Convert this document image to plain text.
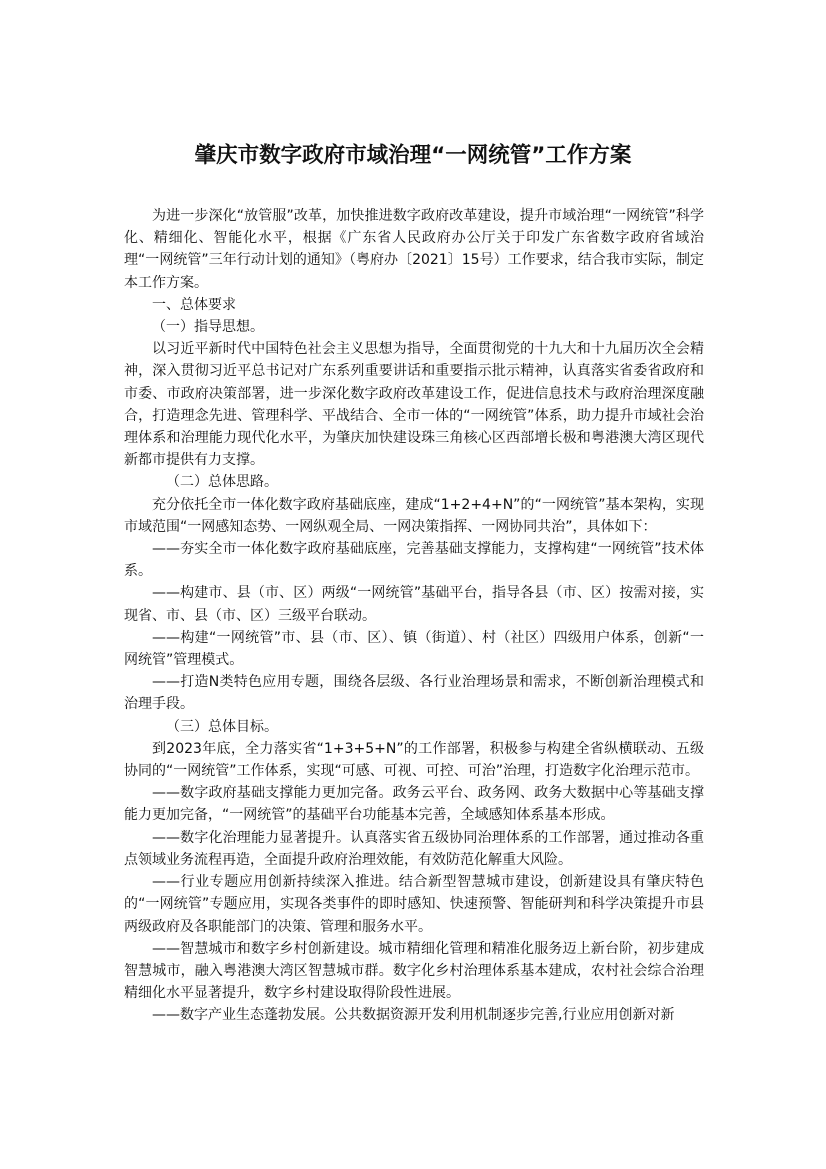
肇庆市数字政府市域治理“一网统管”工作方案

为进一步深化“放管服”改革，加快推进数字政府改革建设，提升市域治理“一网统管”科学化、精细化、智能化水平，根据《广东省人民政府办公厅关于印发广东省数字政府省域治理“一网统管”三年行动计划的通知》（粤府办〔2021〕15号）工作要求，结合我市实际，制定本工作方案。

一、总体要求

（一）指导思想。

以习近平新时代中国特色社会主义思想为指导，全面贯彻党的十九大和十九届历次全会精神，深入贯彻习近平总书记对广东系列重要讲话和重要指示批示精神，认真落实省委省政府和市委、市政府决策部署，进一步深化数字政府改革建设工作，促进信息技术与政府治理深度融合，打造理念先进、管理科学、平战结合、全市一体的“一网统管”体系，助力提升市域社会治理体系和治理能力现代化水平，为肇庆加快建设珠三角核心区西部增长极和粤港澳大湾区现代新都市提供有力支撑。

（二）总体思路。

充分依托全市一体化数字政府基础底座，建成“1+2+4+N”的“一网统管”基本架构，实现市域范围“一网感知态势、一网纵观全局、一网决策指挥、一网协同共治”，具体如下：

——夯实全市一体化数字政府基础底座，完善基础支撑能力，支撑构建“一网统管”技术体系。

——构建市、县（市、区）两级“一网统管”基础平台，指导各县（市、区）按需对接，实现省、市、县（市、区）三级平台联动。

——构建“一网统管”市、县（市、区）、镇（街道）、村（社区）四级用户体系，创新“一网统管”管理模式。

——打造N类特色应用专题，围绕各层级、各行业治理场景和需求，不断创新治理模式和治理手段。

（三）总体目标。

到2023年底，全力落实省“1+3+5+N”的工作部署，积极参与构建全省纵横联动、五级协同的“一网统管”工作体系，实现“可感、可视、可控、可治”治理，打造数字化治理示范市。

——数字政府基础支撑能力更加完备。政务云平台、政务网、政务大数据中心等基础支撑能力更加完备，“一网统管”的基础平台功能基本完善，全域感知体系基本形成。

——数字化治理能力显著提升。认真落实省五级协同治理体系的工作部署，通过推动各重点领域业务流程再造，全面提升政府治理效能，有效防范化解重大风险。

——行业专题应用创新持续深入推进。结合新型智慧城市建设，创新建设具有肇庆特色的“一网统管”专题应用，实现各类事件的即时感知、快速预警、智能研判和科学决策提升市县两级政府及各职能部门的决策、管理和服务水平。

——智慧城市和数字乡村创新建设。城市精细化管理和精准化服务迈上新台阶，初步建成智慧城市，融入粤港澳大湾区智慧城市群。数字化乡村治理体系基本建成，农村社会综合治理精细化水平显著提升，数字乡村建设取得阶段性进展。

——数字产业生态蓬勃发展。公共数据资源开发利用机制逐步完善,行业应用创新对新
